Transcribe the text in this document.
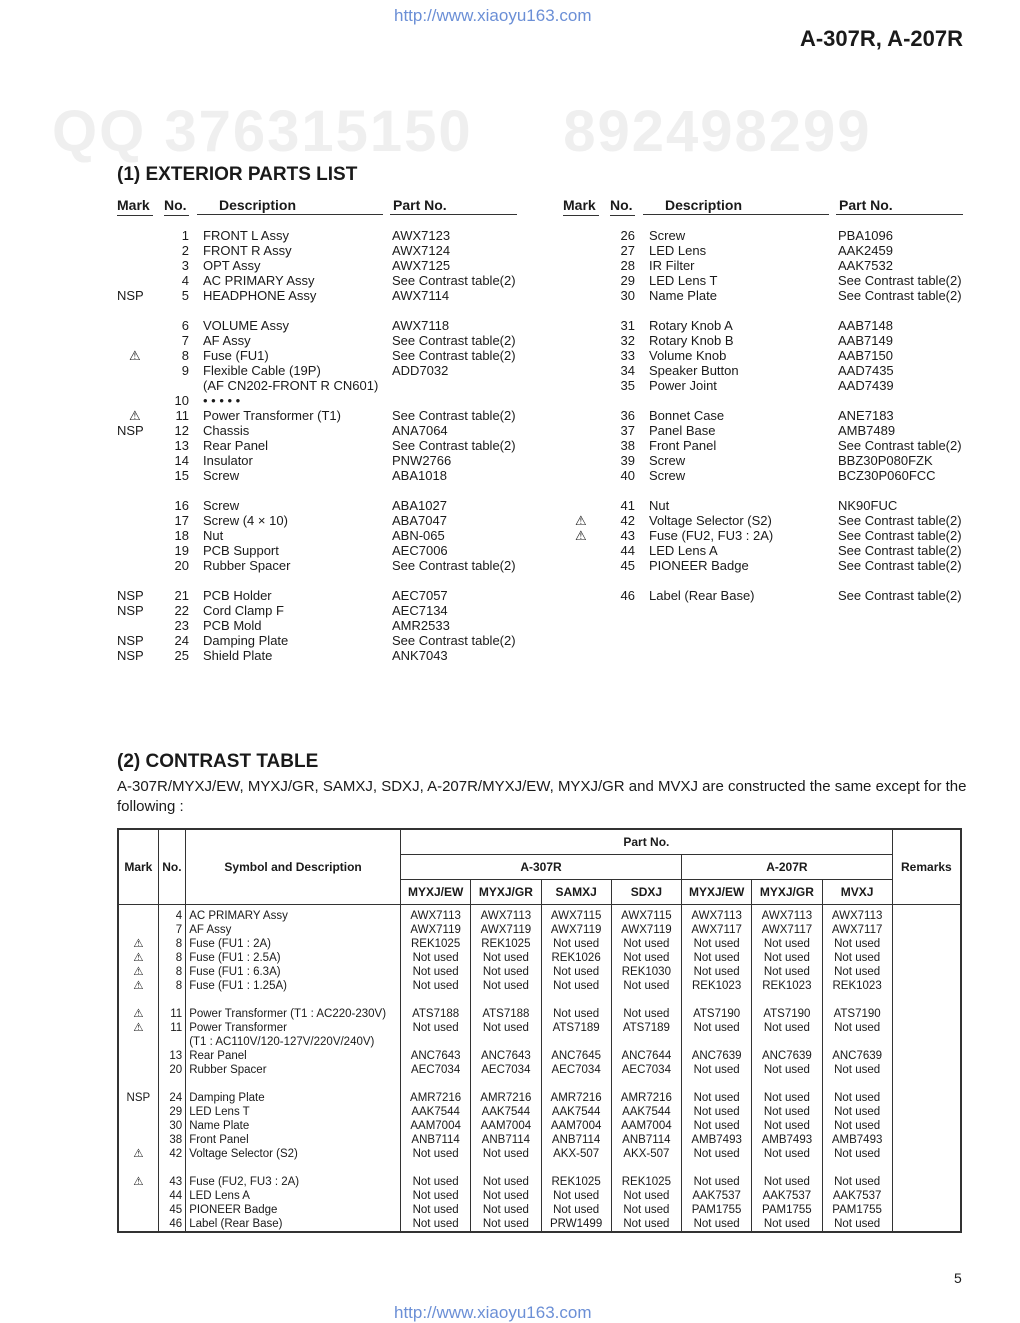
http://www.xiaoyu163.com
A-307R, A-207R
QQ 376315150     892498299
(1) EXTERIOR PARTS LIST
Mark No.	Description	Part No.	Mark No.	Description	Part No.
1 FRONT L Assy	AWX7123
2 FRONT R Assy	AWX7124
3 OPT Assy	AWX7125
4 AC PRIMARY Assy	See Contrast table(2)
NSP	5 HEADPHONE Assy	AWX7114
6 VOLUME Assy	AWX7118
7 AF Assy	See Contrast table(2)
⚠	8 Fuse (FU1)	See Contrast table(2)
9 Flexible Cable (19P)	ADD7032
(AF CN202-FRONT R CN601)
10 • • • • •
⚠	11 Power Transformer (T1)	See Contrast table(2)
NSP	12 Chassis	ANA7064
13 Rear Panel	See Contrast table(2)
14 Insulator	PNW2766
15 Screw	ABA1018
16 Screw	ABA1027
17 Screw (4 × 10)	ABA7047
18 Nut	ABN-065
19 PCB Support	AEC7006
20 Rubber Spacer	See Contrast table(2)
NSP	21 PCB Holder	AEC7057
NSP	22 Cord Clamp F	AEC7134
23 PCB Mold	AMR2533
NSP	24 Damping Plate	See Contrast table(2)
NSP	25 Shield Plate	ANK7043
26 Screw	PBA1096
27 LED Lens	AAK2459
28 IR Filter	AAK7532
29 LED Lens T	See Contrast table(2)
30 Name Plate	See Contrast table(2)
31 Rotary Knob A	AAB7148
32 Rotary Knob B	AAB7149
33 Volume Knob	AAB7150
34 Speaker Button	AAD7435
35 Power Joint	AAD7439
36 Bonnet Case	ANE7183
37 Panel Base	AMB7489
38 Front Panel	See Contrast table(2)
39 Screw	BBZ30P080FZK
40 Screw	BCZ30P060FCC
41 Nut	NK90FUC
⚠	42 Voltage Selector (S2)	See Contrast table(2)
⚠	43 Fuse (FU2, FU3 : 2A)	See Contrast table(2)
44 LED Lens A	See Contrast table(2)
45 PIONEER Badge	See Contrast table(2)
46 Label (Rear Base)	See Contrast table(2)
(2) CONTRAST TABLE
A-307R/MYXJ/EW, MYXJ/GR, SAMXJ, SDXJ, A-207R/MYXJ/EW, MYXJ/GR and MVXJ are constructed the same except for the following :
Mark	No.	Symbol and Description	Part No.							Remarks
			A-307R				A-207R			
			MYXJ/EW	MYXJ/GR	SAMXJ	SDXJ	MYXJ/EW	MYXJ/GR	MVXJ	
	4	AC PRIMARY Assy	AWX7113	AWX7113	AWX7115	AWX7115	AWX7113	AWX7113	AWX7113	
	7	AF Assy	AWX7119	AWX7119	AWX7119	AWX7119	AWX7117	AWX7117	AWX7117	
⚠	8	Fuse (FU1 : 2A)	REK1025	REK1025	Not used	Not used	Not used	Not used	Not used	
⚠	8	Fuse (FU1 : 2.5A)	Not used	Not used	REK1026	Not used	Not used	Not used	Not used	
⚠	8	Fuse (FU1 : 6.3A)	Not used	Not used	Not used	REK1030	Not used	Not used	Not used	
⚠	8	Fuse (FU1 : 1.25A)	Not used	Not used	Not used	Not used	REK1023	REK1023	REK1023	

⚠	11	Power Transformer (T1 : AC220-230V)	ATS7188	ATS7188	Not used	Not used	ATS7190	ATS7190	ATS7190	
⚠	11	Power Transformer	Not used	Not used	ATS7189	ATS7189	Not used	Not used	Not used	
		(T1 : AC110V/120-127V/220V/240V)								
	13	Rear Panel	ANC7643	ANC7643	ANC7645	ANC7644	ANC7639	ANC7639	ANC7639	
	20	Rubber Spacer	AEC7034	AEC7034	AEC7034	AEC7034	Not used	Not used	Not used	

NSP	24	Damping Plate	AMR7216	AMR7216	AMR7216	AMR7216	Not used	Not used	Not used	
	29	LED Lens T	AAK7544	AAK7544	AAK7544	AAK7544	Not used	Not used	Not used	
	30	Name Plate	AAM7004	AAM7004	AAM7004	AAM7004	Not used	Not used	Not used	
	38	Front Panel	ANB7114	ANB7114	ANB7114	ANB7114	AMB7493	AMB7493	AMB7493	
⚠	42	Voltage Selector (S2)	Not used	Not used	AKX-507	AKX-507	Not used	Not used	Not used	

⚠	43	Fuse (FU2, FU3 : 2A)	Not used	Not used	REK1025	REK1025	Not used	Not used	Not used	
	44	LED Lens A	Not used	Not used	Not used	Not used	AAK7537	AAK7537	AAK7537	
	45	PIONEER Badge	Not used	Not used	Not used	Not used	PAM1755	PAM1755	PAM1755	
	46	Label (Rear Base)	Not used	Not used	PRW1499	Not used	Not used	Not used	Not used	
5
http://www.xiaoyu163.com
